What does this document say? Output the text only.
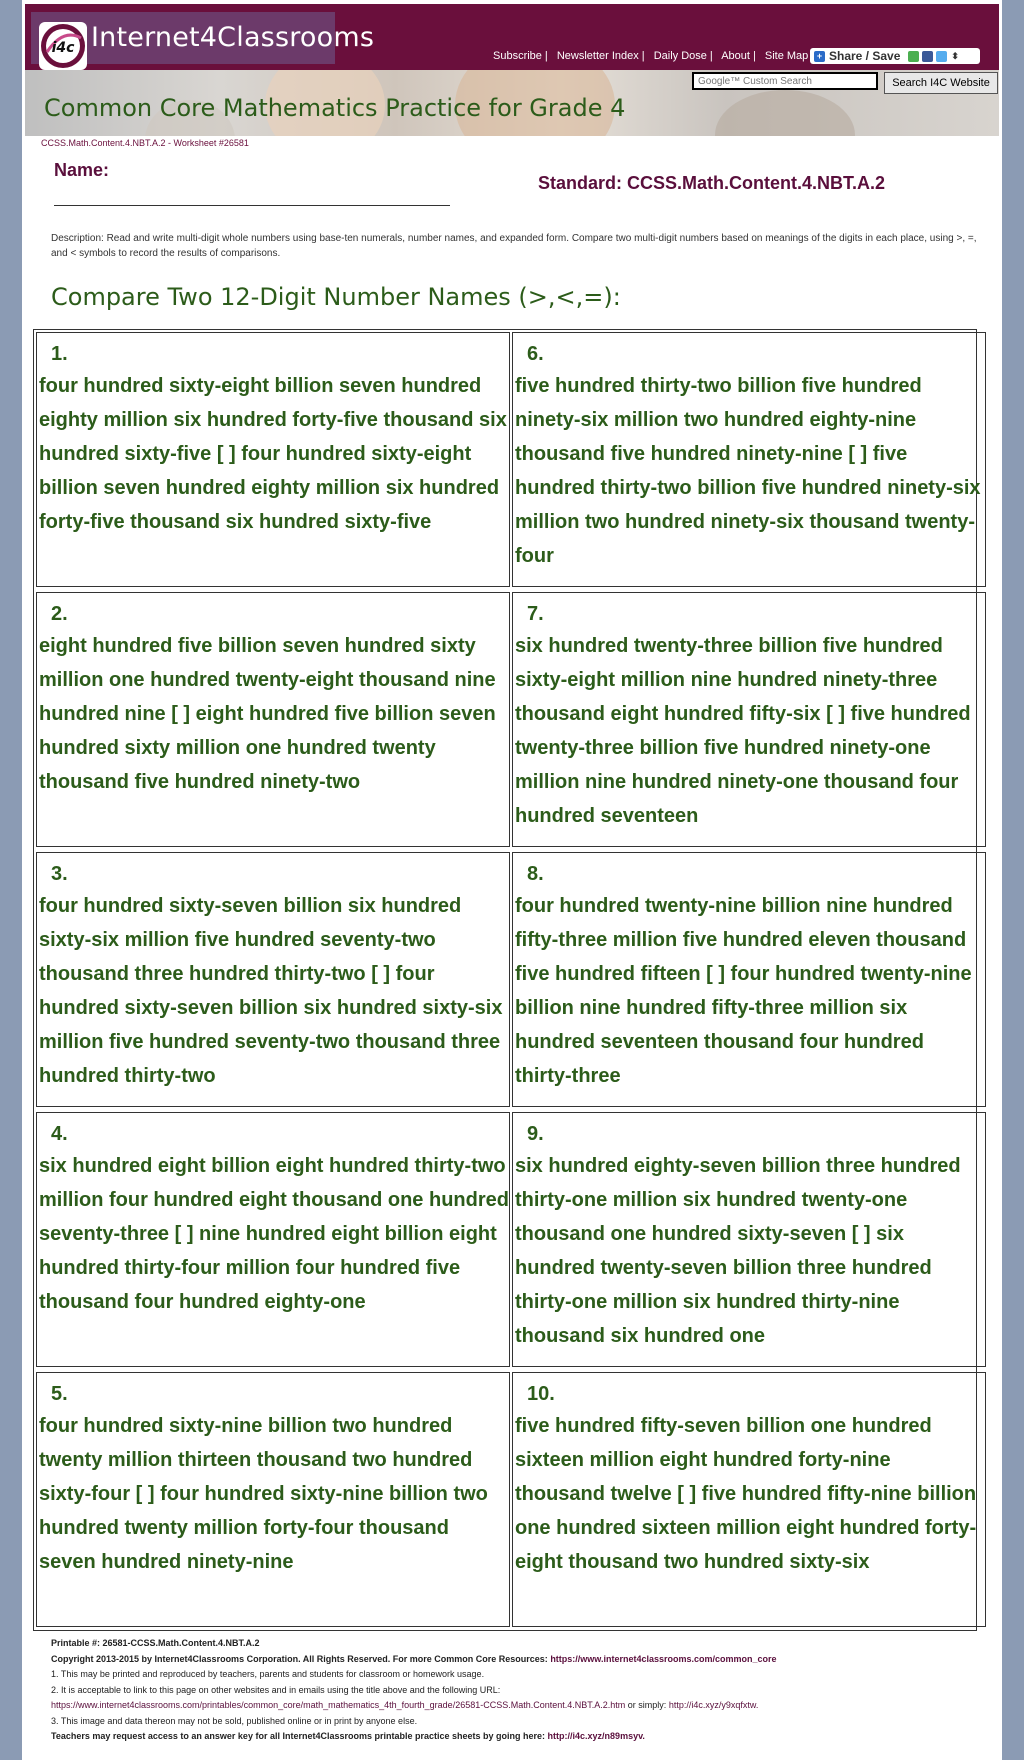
i4c Internet4Classrooms
Subscribe | Newsletter Index | Daily Dose | About | Site Map + Share / Save	⬍
Google™ Custom Search
Search I4C Website
Common Core Mathematics Practice for Grade 4
CCSS.Math.Content.4.NBT.A.2 - Worksheet #26581
Name:
Standard: CCSS.Math.Content.4.NBT.A.2
Description: Read and write multi-digit whole numbers using base-ten numerals, number names, and expanded form. Compare two multi-digit numbers based on meanings of the digits in each place, using >, =, and < symbols to record the results of comparisons.
Compare Two 12-Digit Number Names (>,<,=):
1.
four hundred sixty-eight billion seven hundred eighty million six hundred forty-five thousand six hundred sixty-five [ ] four hundred sixty-eight billion seven hundred eighty million six hundred forty-five thousand six hundred sixty-five
2.
eight hundred five billion seven hundred sixty million one hundred twenty-eight thousand nine hundred nine [ ] eight hundred five billion seven hundred sixty million one hundred twenty thousand five hundred ninety-two
3.
four hundred sixty-seven billion six hundred sixty-six million five hundred seventy-two thousand three hundred thirty-two [ ] four hundred sixty-seven billion six hundred sixty-six million five hundred seventy-two thousand three hundred thirty-two
4.
six hundred eight billion eight hundred thirty-two million four hundred eight thousand one hundred seventy-three [ ] nine hundred eight billion eight hundred thirty-four million four hundred five thousand four hundred eighty-one
5.
four hundred sixty-nine billion two hundred twenty million thirteen thousand two hundred sixty-four [ ] four hundred sixty-nine billion two hundred twenty million forty-four thousand seven hundred ninety-nine
6.
five hundred thirty-two billion five hundred ninety-six million two hundred eighty-nine thousand five hundred ninety-nine [ ] five hundred thirty-two billion five hundred ninety-six million two hundred ninety-six thousand twenty-four
7.
six hundred twenty-three billion five hundred sixty-eight million nine hundred ninety-three thousand eight hundred fifty-six [ ] five hundred twenty-three billion five hundred ninety-one million nine hundred ninety-one thousand four hundred seventeen
8.
four hundred twenty-nine billion nine hundred fifty-three million five hundred eleven thousand five hundred fifteen [ ] four hundred twenty-nine billion nine hundred fifty-three million six hundred seventeen thousand four hundred thirty-three
9.
six hundred eighty-seven billion three hundred thirty-one million six hundred twenty-one thousand one hundred sixty-seven [ ] six hundred twenty-seven billion three hundred thirty-one million six hundred thirty-nine thousand six hundred one
10.
five hundred fifty-seven billion one hundred sixteen million eight hundred forty-nine thousand twelve [ ] five hundred fifty-nine billion one hundred sixteen million eight hundred forty-eight thousand two hundred sixty-six
Printable #: 26581-CCSS.Math.Content.4.NBT.A.2
Copyright 2013-2015 by Internet4Classrooms Corporation. All Rights Reserved. For more Common Core Resources: https://www.internet4classrooms.com/common_core
1. This may be printed and reproduced by teachers, parents and students for classroom or homework usage.
2. It is acceptable to link to this page on other websites and in emails using the title above and the following URL:
https://www.internet4classrooms.com/printables/common_core/math_mathematics_4th_fourth_grade/26581-CCSS.Math.Content.4.NBT.A.2.htm or simply: http://i4c.xyz/y9xqfxtw.
3. This image and data thereon may not be sold, published online or in print by anyone else.
Teachers may request access to an answer key for all Internet4Classrooms printable practice sheets by going here: http://i4c.xyz/n89msyv.
